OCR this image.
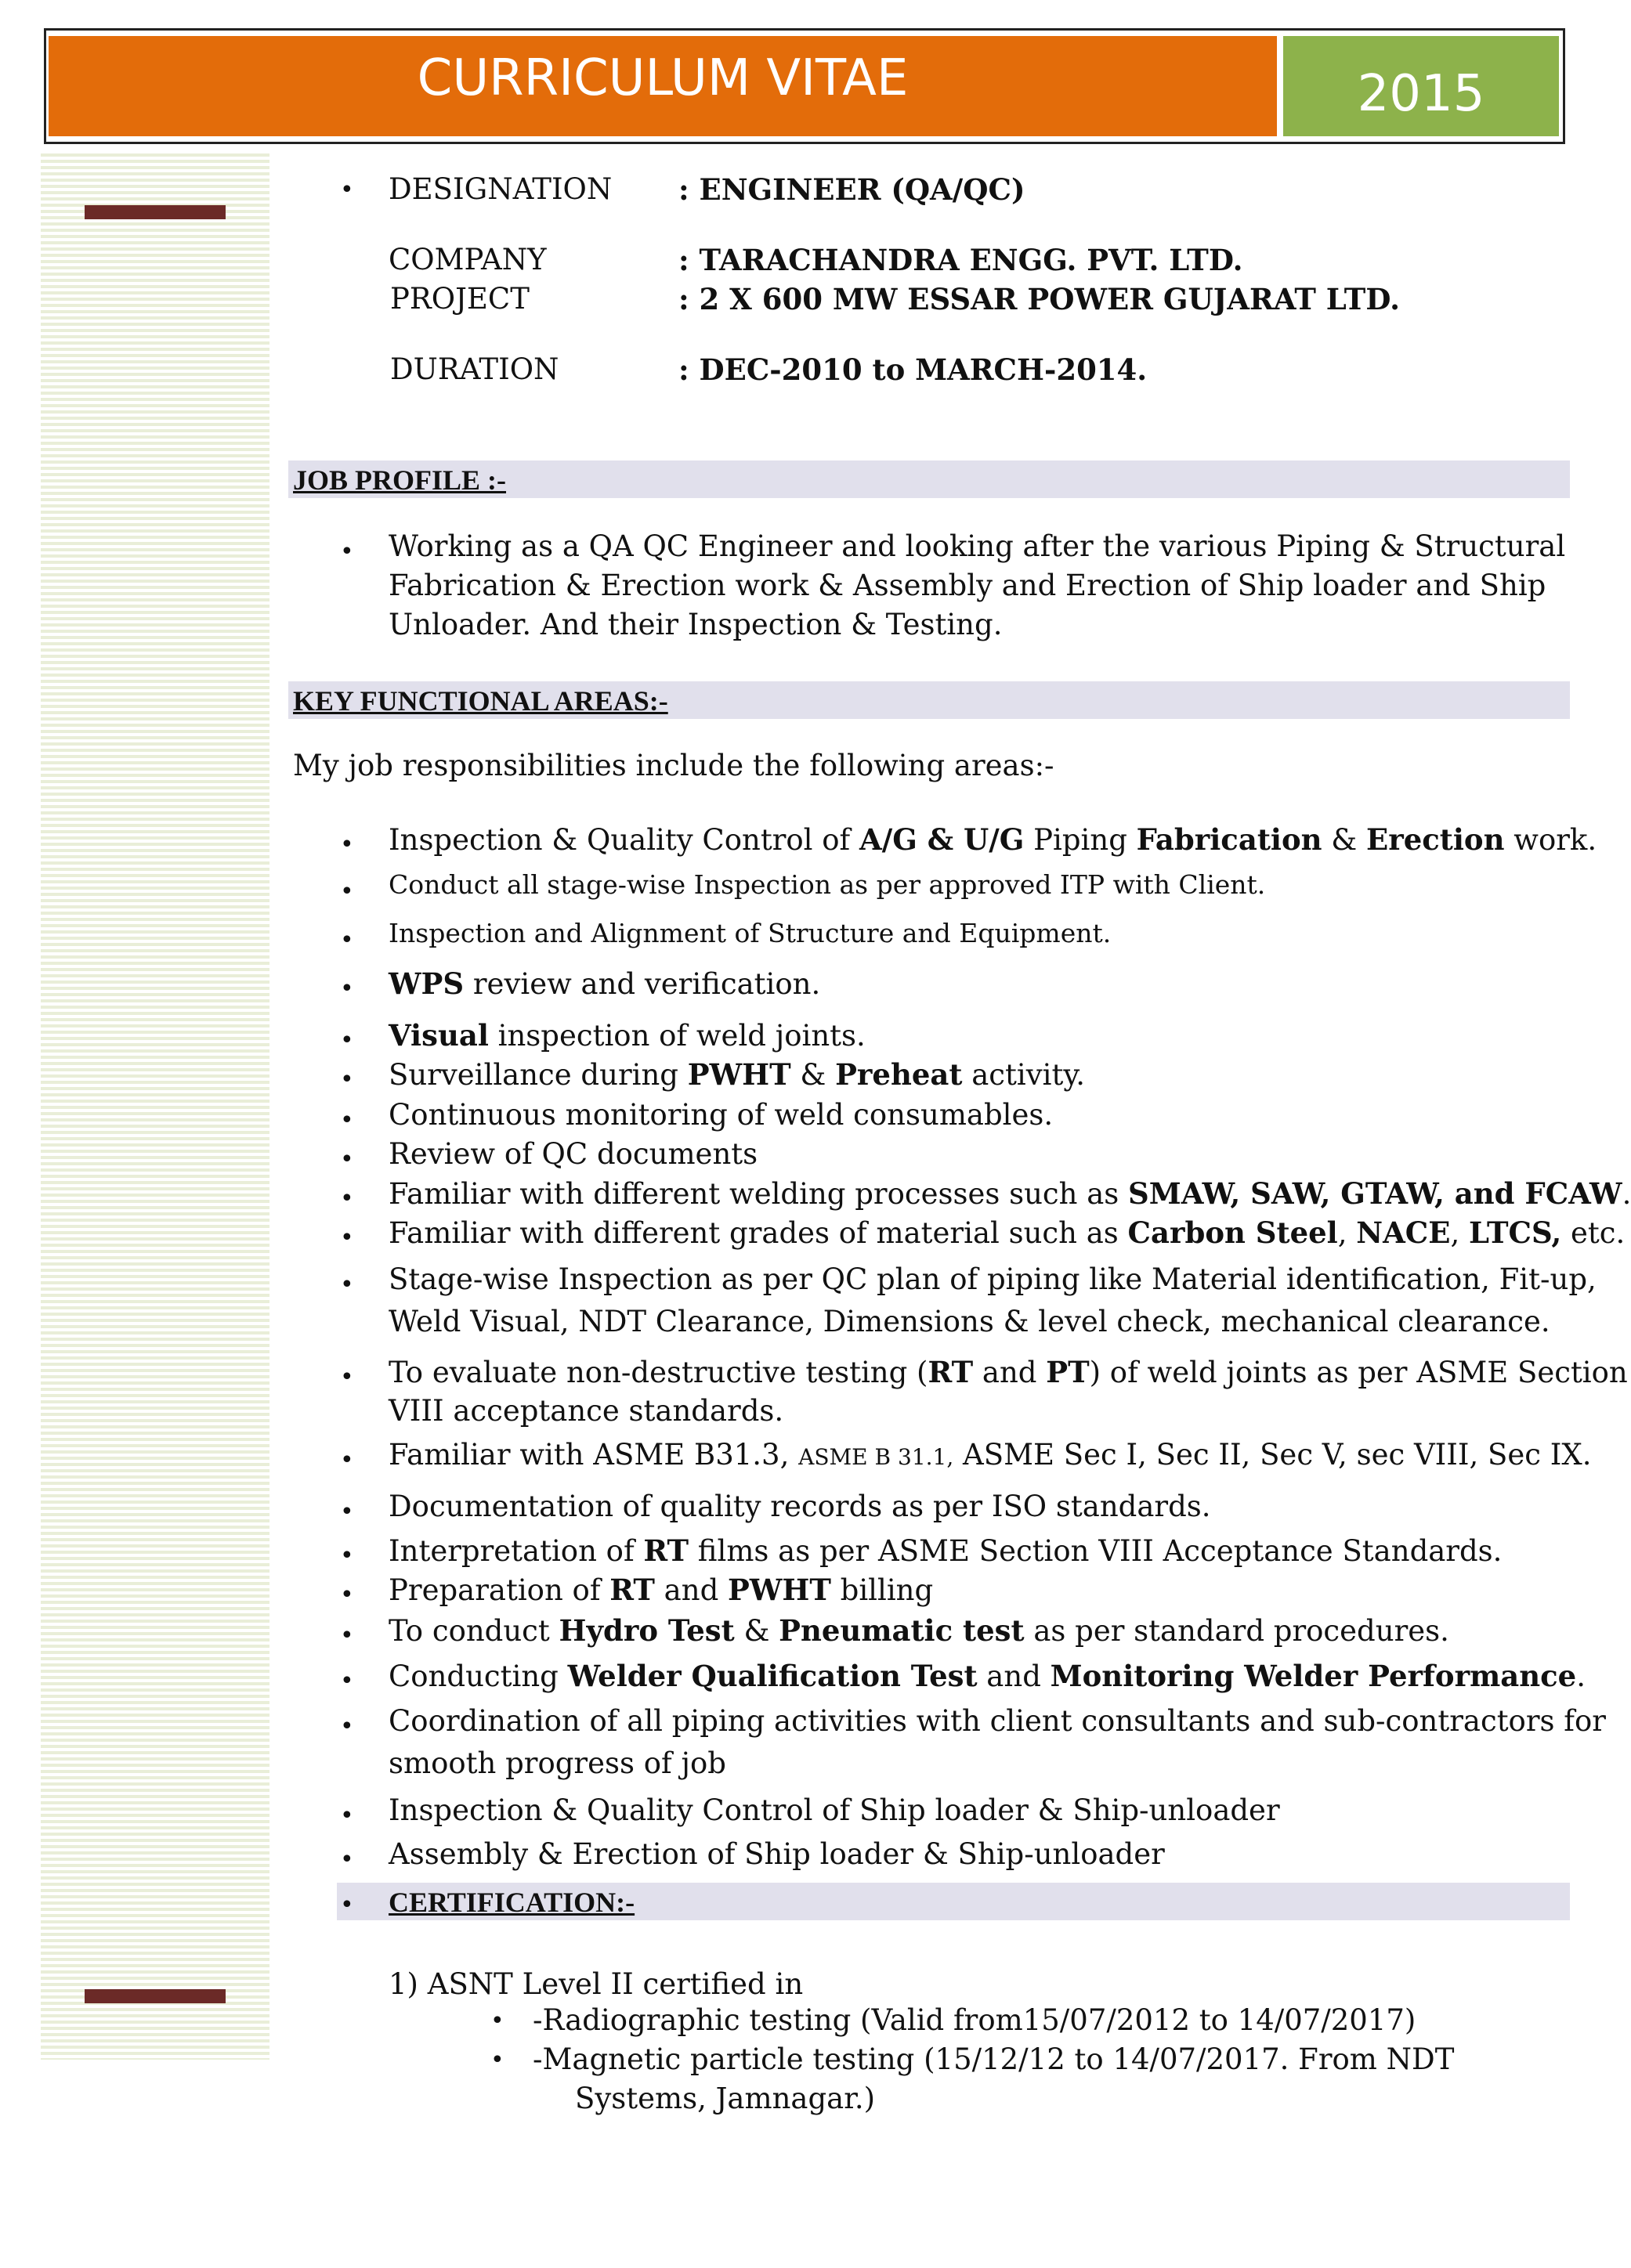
CURRICULUM VITAE	2015
• DESIGNATION : ENGINEER (QA/QC)
COMPANY	: TARACHANDRA ENGG. PVT. LTD.
PROJECT	: 2 X 600 MW ESSAR POWER GUJARAT LTD.
DURATION	: DEC-2010 to MARCH-2014.
JOB PROFILE :-
• Working as a QA QC Engineer and looking after the various Piping & Structural
Fabrication & Erection work & Assembly and Erection of Ship loader and Ship
Unloader. And their Inspection & Testing.
KEY FUNCTIONAL AREAS:-
My job responsibilities include the following areas:-
• Inspection & Quality Control of A/G & U/G Piping Fabrication & Erection work.
• Conduct all stage-wise Inspection as per approved ITP with Client.
• Inspection and Alignment of Structure and Equipment.
• WPS review and verification.
• Visual inspection of weld joints.
• Surveillance during PWHT & Preheat activity.
• Continuous monitoring of weld consumables.
• Review of QC documents
• Familiar with different welding processes such as SMAW, SAW, GTAW, and FCAW.
• Familiar with different grades of material such as Carbon Steel, NACE, LTCS, etc.
• Stage-wise Inspection as per QC plan of piping like Material identification, Fit-up,
Weld Visual, NDT Clearance, Dimensions & level check, mechanical clearance.
• To evaluate non-destructive testing (RT and PT) of weld joints as per ASME Section
VIII acceptance standards.
• Familiar with ASME B31.3, ASME B 31.1, ASME Sec I, Sec II, Sec V, sec VIII, Sec IX.
• Documentation of quality records as per ISO standards.
• Interpretation of RT films as per ASME Section VIII Acceptance Standards.
• Preparation of RT and PWHT billing
• To conduct Hydro Test & Pneumatic test as per standard procedures.
• Conducting Welder Qualification Test and Monitoring Welder Performance.
• Coordination of all piping activities with client consultants and sub-contractors for
smooth progress of job
• Inspection & Quality Control of Ship loader & Ship-unloader
• Assembly & Erection of Ship loader & Ship-unloader
• CERTIFICATION:-
1) ASNT Level II certified in
• -Radiographic testing (Valid from15/07/2012 to 14/07/2017)
• -Magnetic particle testing (15/12/12 to 14/07/2017. From NDT
Systems, Jamnagar.)
